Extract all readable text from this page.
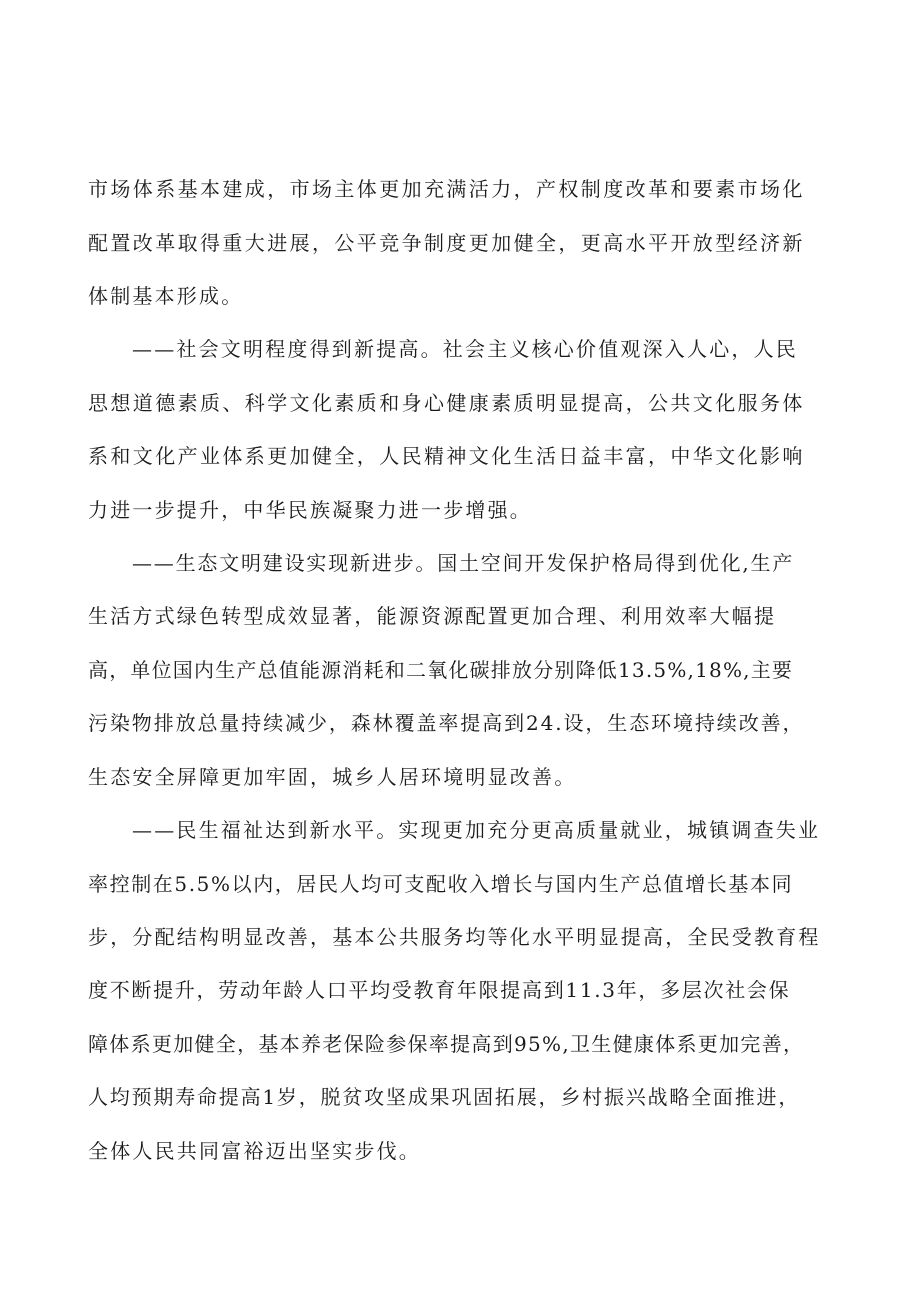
市场体系基本建成，市场主体更加充满活力，产权制度改革和要素市场化
配置改革取得重大进展，公平竞争制度更加健全，更高水平开放型经济新
体制基本形成。
——社会文明程度得到新提高。社会主义核心价值观深入人心，人民
思想道德素质、科学文化素质和身心健康素质明显提高，公共文化服务体
系和文化产业体系更加健全，人民精神文化生活日益丰富，中华文化影响
力进一步提升，中华民族凝聚力进一步增强。
——生态文明建设实现新进步。国土空间开发保护格局得到优化,生产
生活方式绿色转型成效显著，能源资源配置更加合理、利用效率大幅提
高，单位国内生产总值能源消耗和二氧化碳排放分别降低13.5%,18%,主要
污染物排放总量持续减少，森林覆盖率提高到24.设，生态环境持续改善，
生态安全屏障更加牢固，城乡人居环境明显改善。
——民生福祉达到新水平。实现更加充分更高质量就业，城镇调查失业
率控制在5.5%以内，居民人均可支配收入增长与国内生产总值增长基本同
步，分配结构明显改善，基本公共服务均等化水平明显提高，全民受教育程
度不断提升，劳动年龄人口平均受教育年限提高到11.3年，多层次社会保
障体系更加健全，基本养老保险参保率提高到95%,卫生健康体系更加完善，
人均预期寿命提高1岁，脱贫攻坚成果巩固拓展，乡村振兴战略全面推进，
全体人民共同富裕迈出坚实步伐。
